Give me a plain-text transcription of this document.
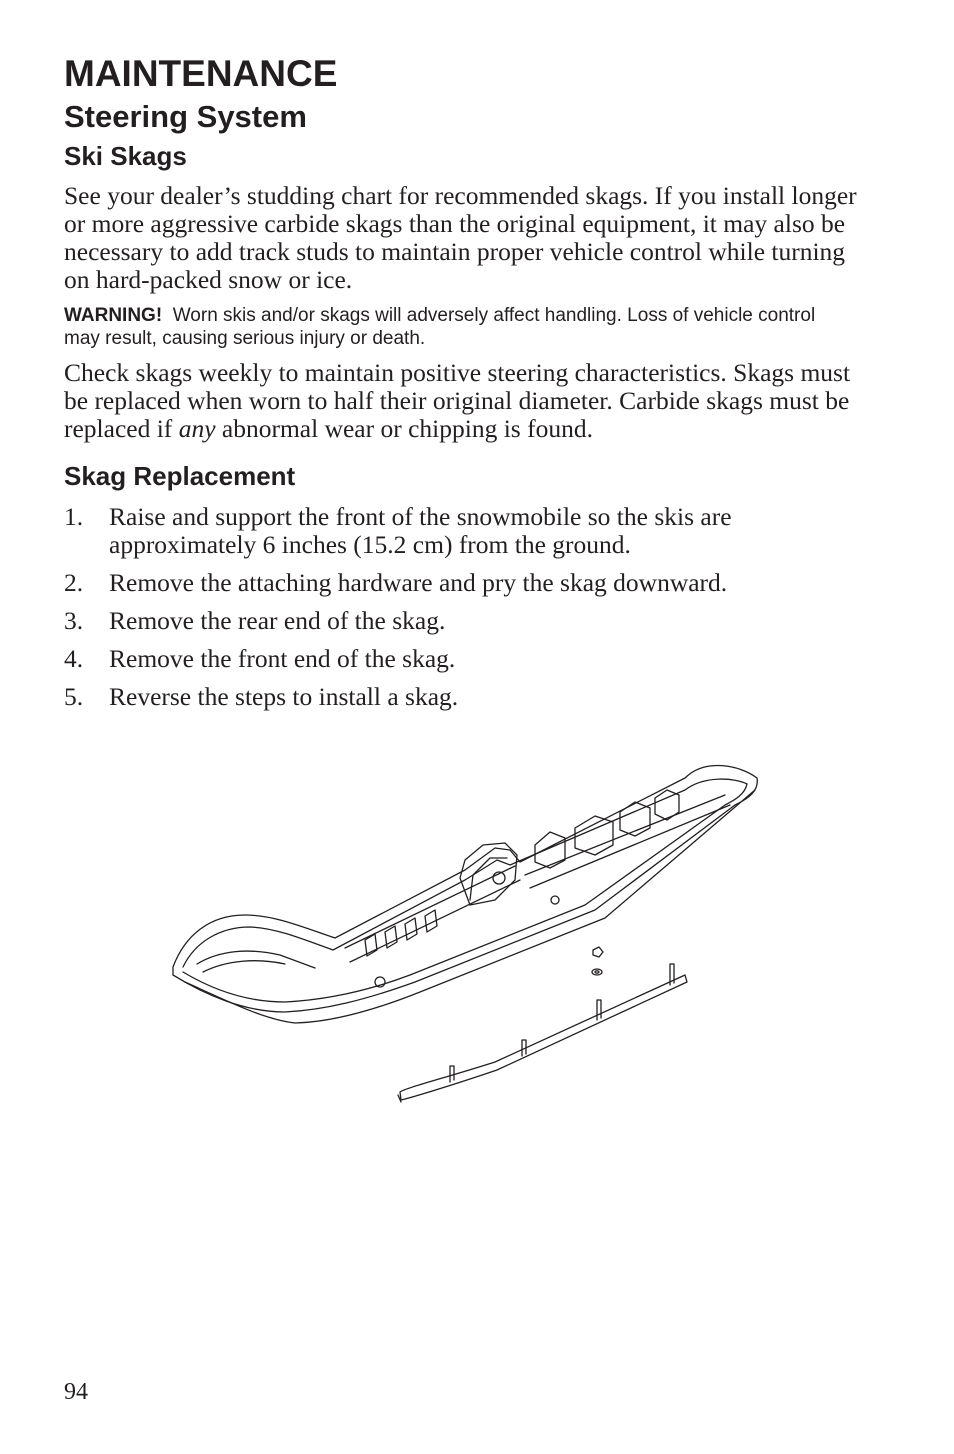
MAINTENANCE
Steering System
Ski Skags

See your dealer’s studding chart for recommended skags. If you install longer or more aggressive carbide skags than the original equipment, it may also be necessary to add track studs to maintain proper vehicle control while turning on hard-packed snow or ice.

WARNING! Worn skis and/or skags will adversely affect handling. Loss of vehicle control may result, causing serious injury or death.

Check skags weekly to maintain positive steering characteristics. Skags must be replaced when worn to half their original diameter. Carbide skags must be replaced if any abnormal wear or chipping is found.

Skag Replacement
1. Raise and support the front of the snowmobile so the skis are approximately 6 inches (15.2 cm) from the ground.
2. Remove the attaching hardware and pry the skag downward.
3. Remove the rear end of the skag.
4. Remove the front end of the skag.
5. Reverse the steps to install a skag.
94
